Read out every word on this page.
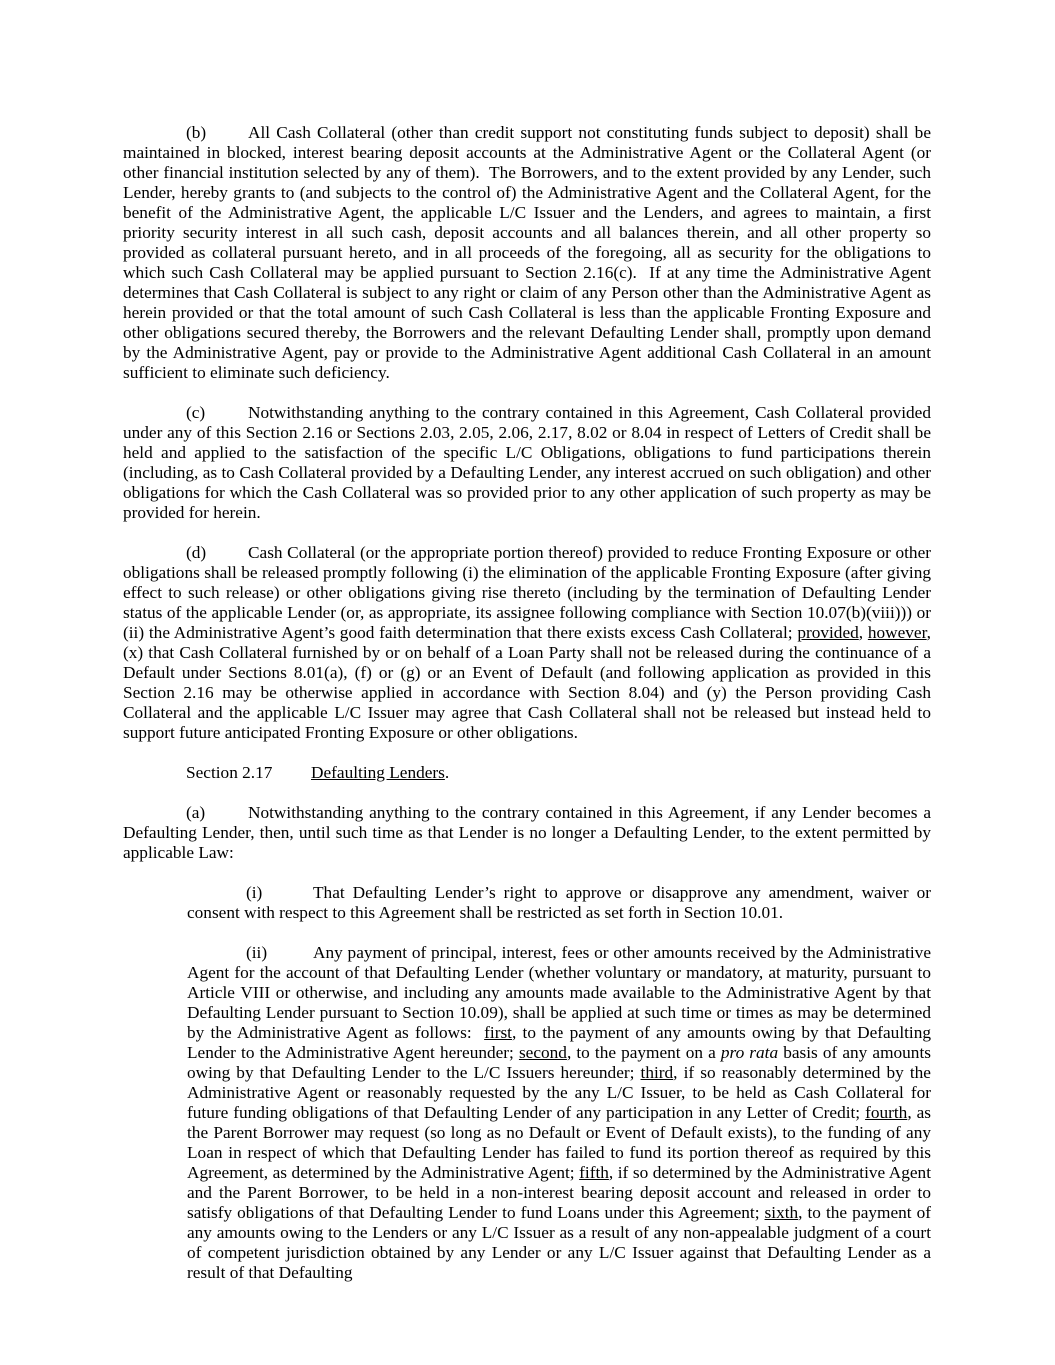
(b) All Cash Collateral (other than credit support not constituting funds subject to deposit) shall be maintained in blocked, interest bearing deposit accounts at the Administrative Agent or the Collateral Agent (or other financial institution selected by any of them).  The Borrowers, and to the extent provided by any Lender, such Lender, hereby grants to (and subjects to the control of) the Administrative Agent and the Collateral Agent, for the benefit of the Administrative Agent, the applicable L/C Issuer and the Lenders, and agrees to maintain, a first priority security interest in all such cash, deposit accounts and all balances therein, and all other property so provided as collateral pursuant hereto, and in all proceeds of the foregoing, all as security for the obligations to which such Cash Collateral may be applied pursuant to Section 2.16(c).  If at any time the Administrative Agent determines that Cash Collateral is subject to any right or claim of any Person other than the Administrative Agent as herein provided or that the total amount of such Cash Collateral is less than the applicable Fronting Exposure and other obligations secured thereby, the Borrowers and the relevant Defaulting Lender shall, promptly upon demand by the Administrative Agent, pay or provide to the Administrative Agent additional Cash Collateral in an amount sufficient to eliminate such deficiency.

(c) Notwithstanding anything to the contrary contained in this Agreement, Cash Collateral provided under any of this Section 2.16 or Sections 2.03, 2.05, 2.06, 2.17, 8.02 or 8.04 in respect of Letters of Credit shall be held and applied to the satisfaction of the specific L/C Obligations, obligations to fund participations therein (including, as to Cash Collateral provided by a Defaulting Lender, any interest accrued on such obligation) and other obligations for which the Cash Collateral was so provided prior to any other application of such property as may be provided for herein.

(d) Cash Collateral (or the appropriate portion thereof) provided to reduce Fronting Exposure or other obligations shall be released promptly following (i) the elimination of the applicable Fronting Exposure (after giving effect to such release) or other obligations giving rise thereto (including by the termination of Defaulting Lender status of the applicable Lender (or, as appropriate, its assignee following compliance with Section 10.07(b)(viii))) or (ii) the Administrative Agent’s good faith determination that there exists excess Cash Collateral; provided, however, (x) that Cash Collateral furnished by or on behalf of a Loan Party shall not be released during the continuance of a Default under Sections 8.01(a), (f) or (g) or an Event of Default (and following application as provided in this Section 2.16 may be otherwise applied in accordance with Section 8.04) and (y) the Person providing Cash Collateral and the applicable L/C Issuer may agree that Cash Collateral shall not be released but instead held to support future anticipated Fronting Exposure or other obligations.

Section 2.17 Defaulting Lenders.

(a) Notwithstanding anything to the contrary contained in this Agreement, if any Lender becomes a Defaulting Lender, then, until such time as that Lender is no longer a Defaulting Lender, to the extent permitted by applicable Law:

(i)	That Defaulting Lender’s right to approve or disapprove any amendment, waiver or consent with respect to this Agreement shall be restricted as set forth in Section 10.01.

(ii)	Any payment of principal, interest, fees or other amounts received by the Administrative Agent for the account of that Defaulting Lender (whether voluntary or mandatory, at maturity, pursuant to Article VIII or otherwise, and including any amounts made available to the Administrative Agent by that Defaulting Lender pursuant to Section 10.09), shall be applied at such time or times as may be determined by the Administrative Agent as follows:  first, to the payment of any amounts owing by that Defaulting Lender to the Administrative Agent hereunder; second, to the payment on a pro rata basis of any amounts owing by that Defaulting Lender to the L/C Issuers hereunder; third, if so reasonably determined by the Administrative Agent or reasonably requested by the any L/C Issuer, to be held as Cash Collateral for future funding obligations of that Defaulting Lender of any participation in any Letter of Credit; fourth, as the Parent Borrower may request (so long as no Default or Event of Default exists), to the funding of any Loan in respect of which that Defaulting Lender has failed to fund its portion thereof as required by this Agreement, as determined by the Administrative Agent; fifth, if so determined by the Administrative Agent and the Parent Borrower, to be held in a non-interest bearing deposit account and released in order to satisfy obligations of that Defaulting Lender to fund Loans under this Agreement; sixth, to the payment of any amounts owing to the Lenders or any L/C Issuer as a result of any non-appealable judgment of a court of competent jurisdiction obtained by any Lender or any L/C Issuer against that Defaulting Lender as a result of that Defaulting
